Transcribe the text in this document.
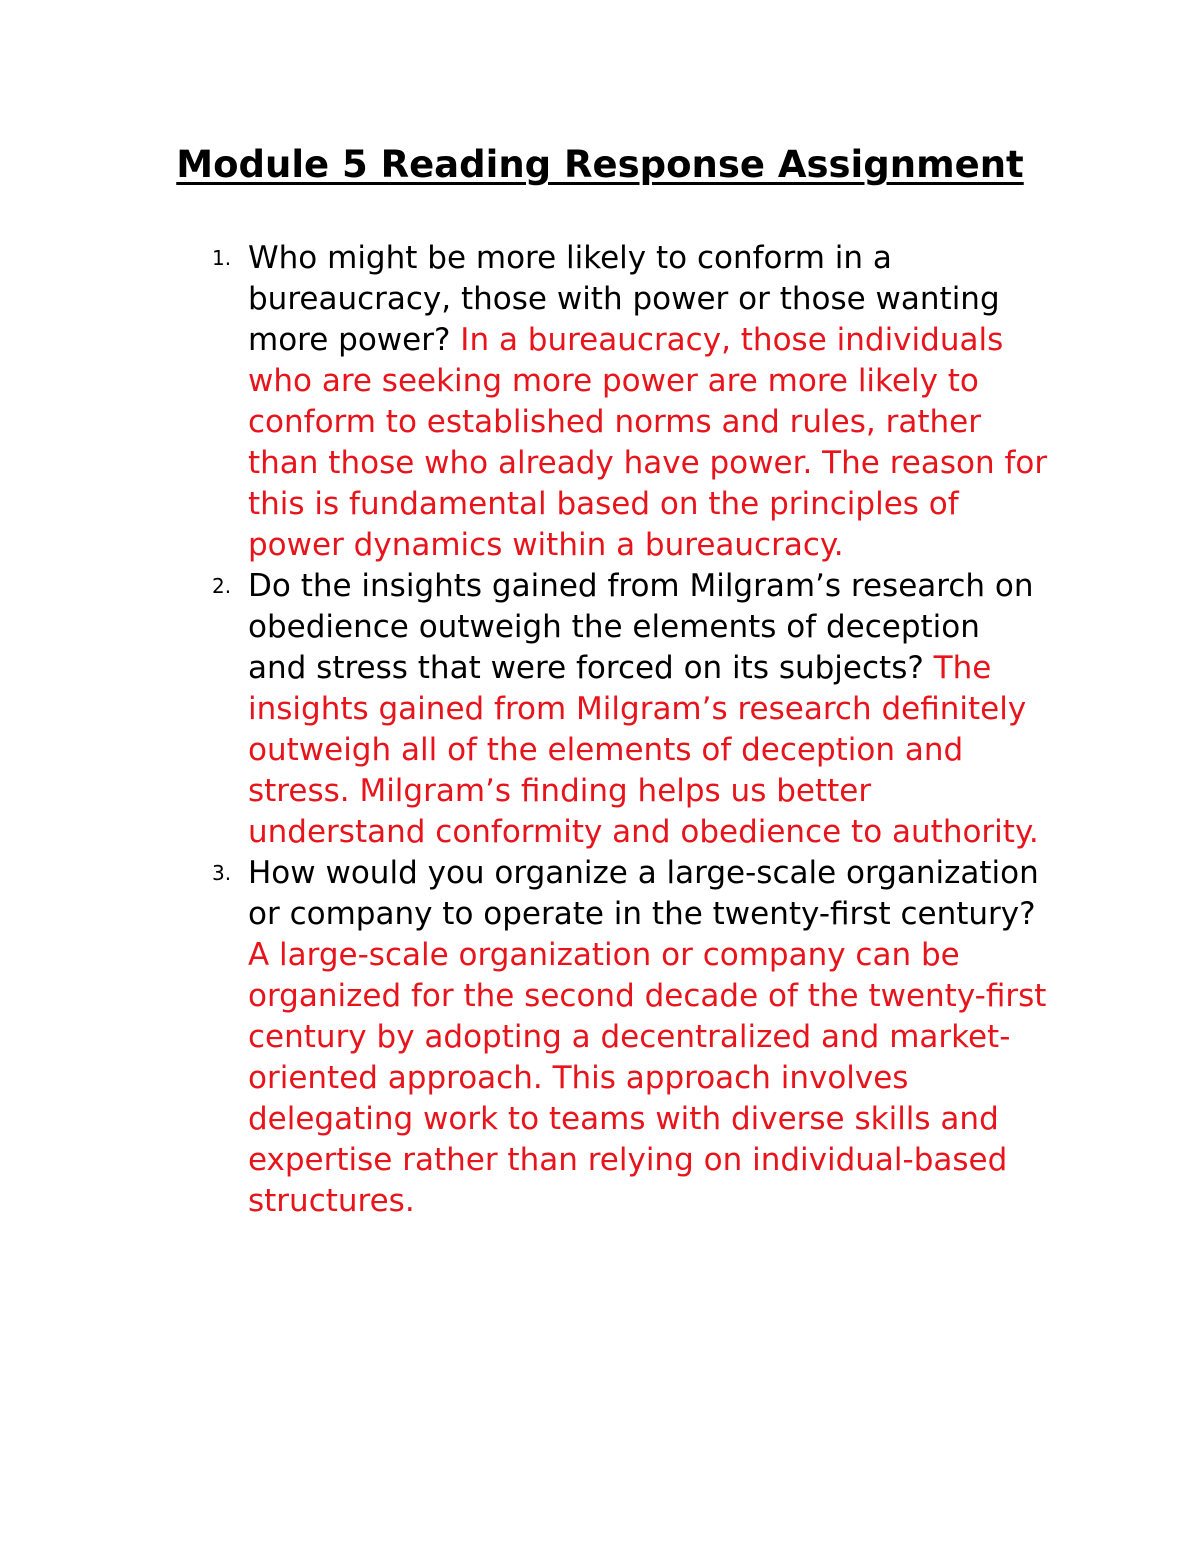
Module 5 Reading Response Assignment
1. Who might be more likely to conform in a bureaucracy, those with power or those wanting more power? In a bureaucracy, those individuals who are seeking more power are more likely to conform to established norms and rules, rather than those who already have power. The reason for this is fundamental based on the principles of power dynamics within a bureaucracy.
2. Do the insights gained from Milgram’s research on obedience outweigh the elements of deception and stress that were forced on its subjects? The insights gained from Milgram’s research definitely outweigh all of the elements of deception and stress. Milgram’s finding helps us better understand conformity and obedience to authority.
3. How would you organize a large-scale organization or company to operate in the twenty-first century? A large-scale organization or company can be organized for the second decade of the twenty-first century by adopting a decentralized and market-oriented approach. This approach involves delegating work to teams with diverse skills and expertise rather than relying on individual-based structures.
